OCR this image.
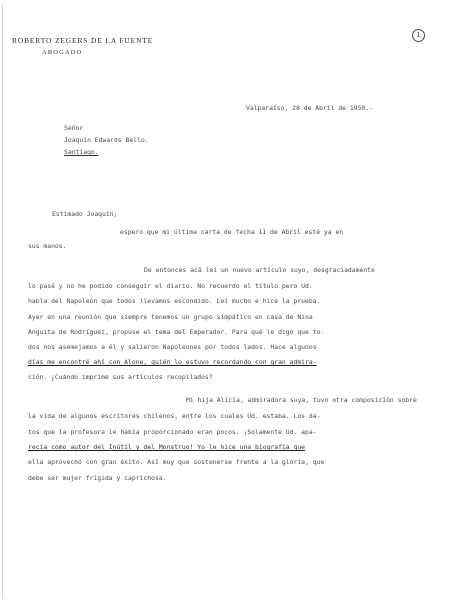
ROBERTO ZEGERS DE LA FUENTE
ABOGADO
1
Valparaíso, 28 de Abril de 1950.-
Señor
Joaquín Edwards Bello.
Santiago.
Estimado Joaquín;
espero que mi última carta de fecha 11 de Abril esté ya en
sus manos.
De entonces acá leí un nuevo artículo suyo, desgraciadamente
lo pasé y no he podido conseguir el diario. No recuerdo el título pero Ud.
habla del Napoleón que todos llevamos escondido. Leí mucho e hice la prueba.
Ayer en una reunión que siempre tenemos un grupo simpático en casa de Nina
Anguita de Rodríguez, propuse el tema del Emperador. Para qué le digo que to-
dos nos asemejamos a él y salieron Napoleones por todos lados. Hace algunos
días me encontré ahí con Alone, quién lo estuvo recordando con gran admira-
ción. ¿Cuándo imprime sus artículos recopilados?
Mi hija Alicia, admiradora suya, tuvo otra composición sobre
la vida de algunos escritores chilenos, entre los cuales Ud. estaba. Los da-
tos que la profesora le había proporcionado eran pocos. ¡Solamente Ud. apa-
recía como autor del Inútil y del Monstruo! Yo le hice una biografía que
ella aprovechó con gran éxito. Así muy que sostenerse frente a la gloria, que
debe ser mujer frígida y caprichosa.
